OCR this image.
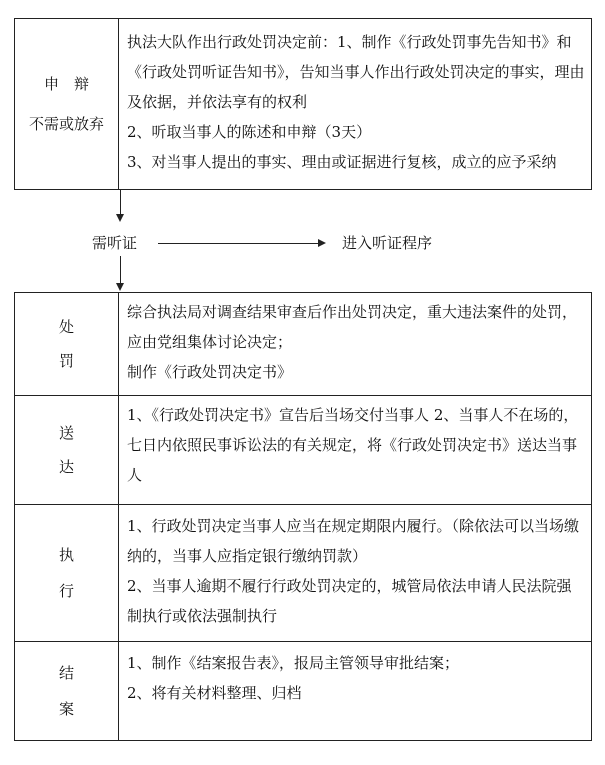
申　辩
不需或放弃
执法大队作出行政处罚决定前：1、制作《行政处罚事先告知书》和《行政处罚听证告知书》，告知当事人作出行政处罚决定的事实，理由及依据，并依法享有的权利
2、听取当事人的陈述和申辩（3天）
3、对当事人提出的事实、理由或证据进行复核，成立的应予采纳
需听证	进入听证程序
处
罚
综合执法局对调查结果审查后作出处罚决定，重大违法案件的处罚，应由党组集体讨论决定；
制作《行政处罚决定书》
送
达
1、《行政处罚决定书》宣告后当场交付当事人 2、当事人不在场的，七日内依照民事诉讼法的有关规定，将《行政处罚决定书》送达当事人
执
行
1、行政处罚决定当事人应当在规定期限内履行。（除依法可以当场缴纳的，当事人应指定银行缴纳罚款）
2、当事人逾期不履行行政处罚决定的，城管局依法申请人民法院强制执行或依法强制执行
结
案
1、制作《结案报告表》，报局主管领导审批结案；
2、将有关材料整理、归档
